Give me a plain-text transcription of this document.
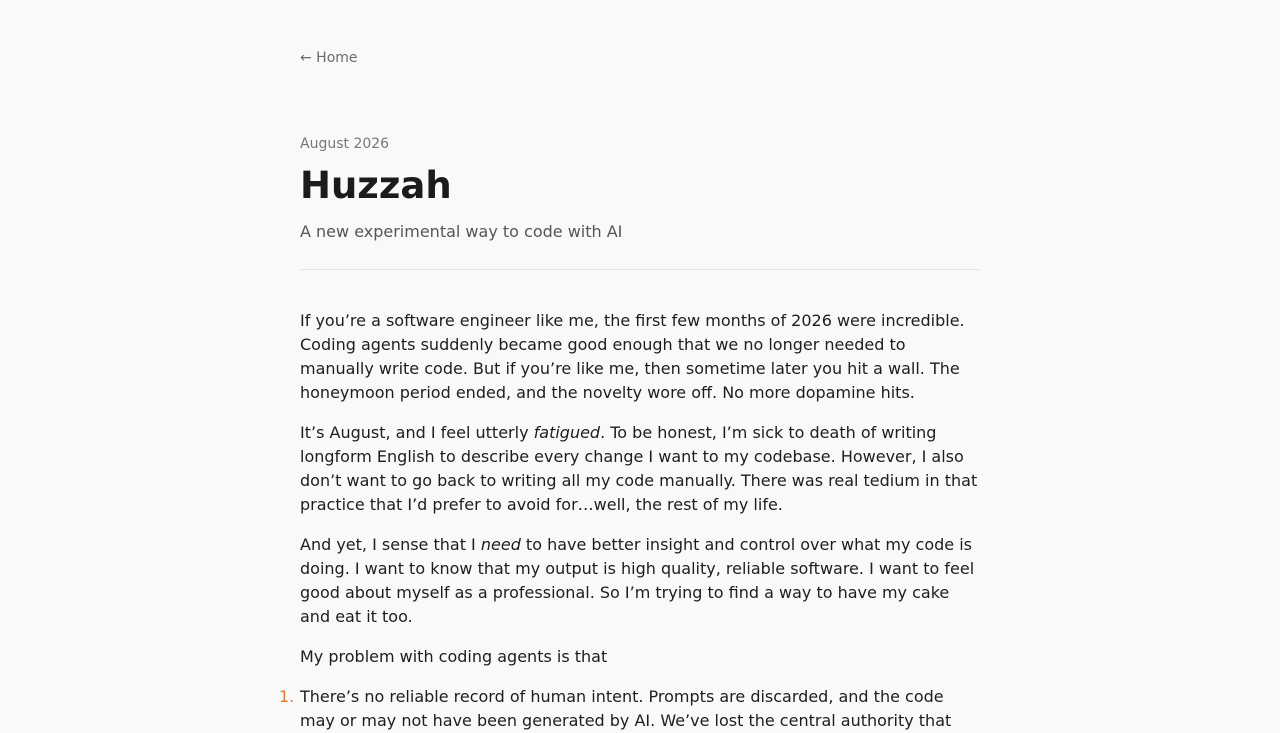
← Home
August 2026
Huzzah
A new experimental way to code with AI

If you’re a software engineer like me, the first few months of 2026 were incredible. Coding agents suddenly became good enough that we no longer needed to manually write code. But if you’re like me, then sometime later you hit a wall. The honeymoon period ended, and the novelty wore off. No more dopamine hits.

It’s August, and I feel utterly fatigued. To be honest, I’m sick to death of writing longform English to describe every change I want to my codebase. However, I also don’t want to go back to writing all my code manually. There was real tedium in that practice that I’d prefer to avoid for…well, the rest of my life.

And yet, I sense that I need to have better insight and control over what my code is doing. I want to know that my output is high quality, reliable software. I want to feel good about myself as a professional. So I’m trying to find a way to have my cake and eat it too.

My problem with coding agents is that

1. There’s no reliable record of human intent. Prompts are discarded, and the code may or may not have been generated by AI. We’ve lost the central authority that
